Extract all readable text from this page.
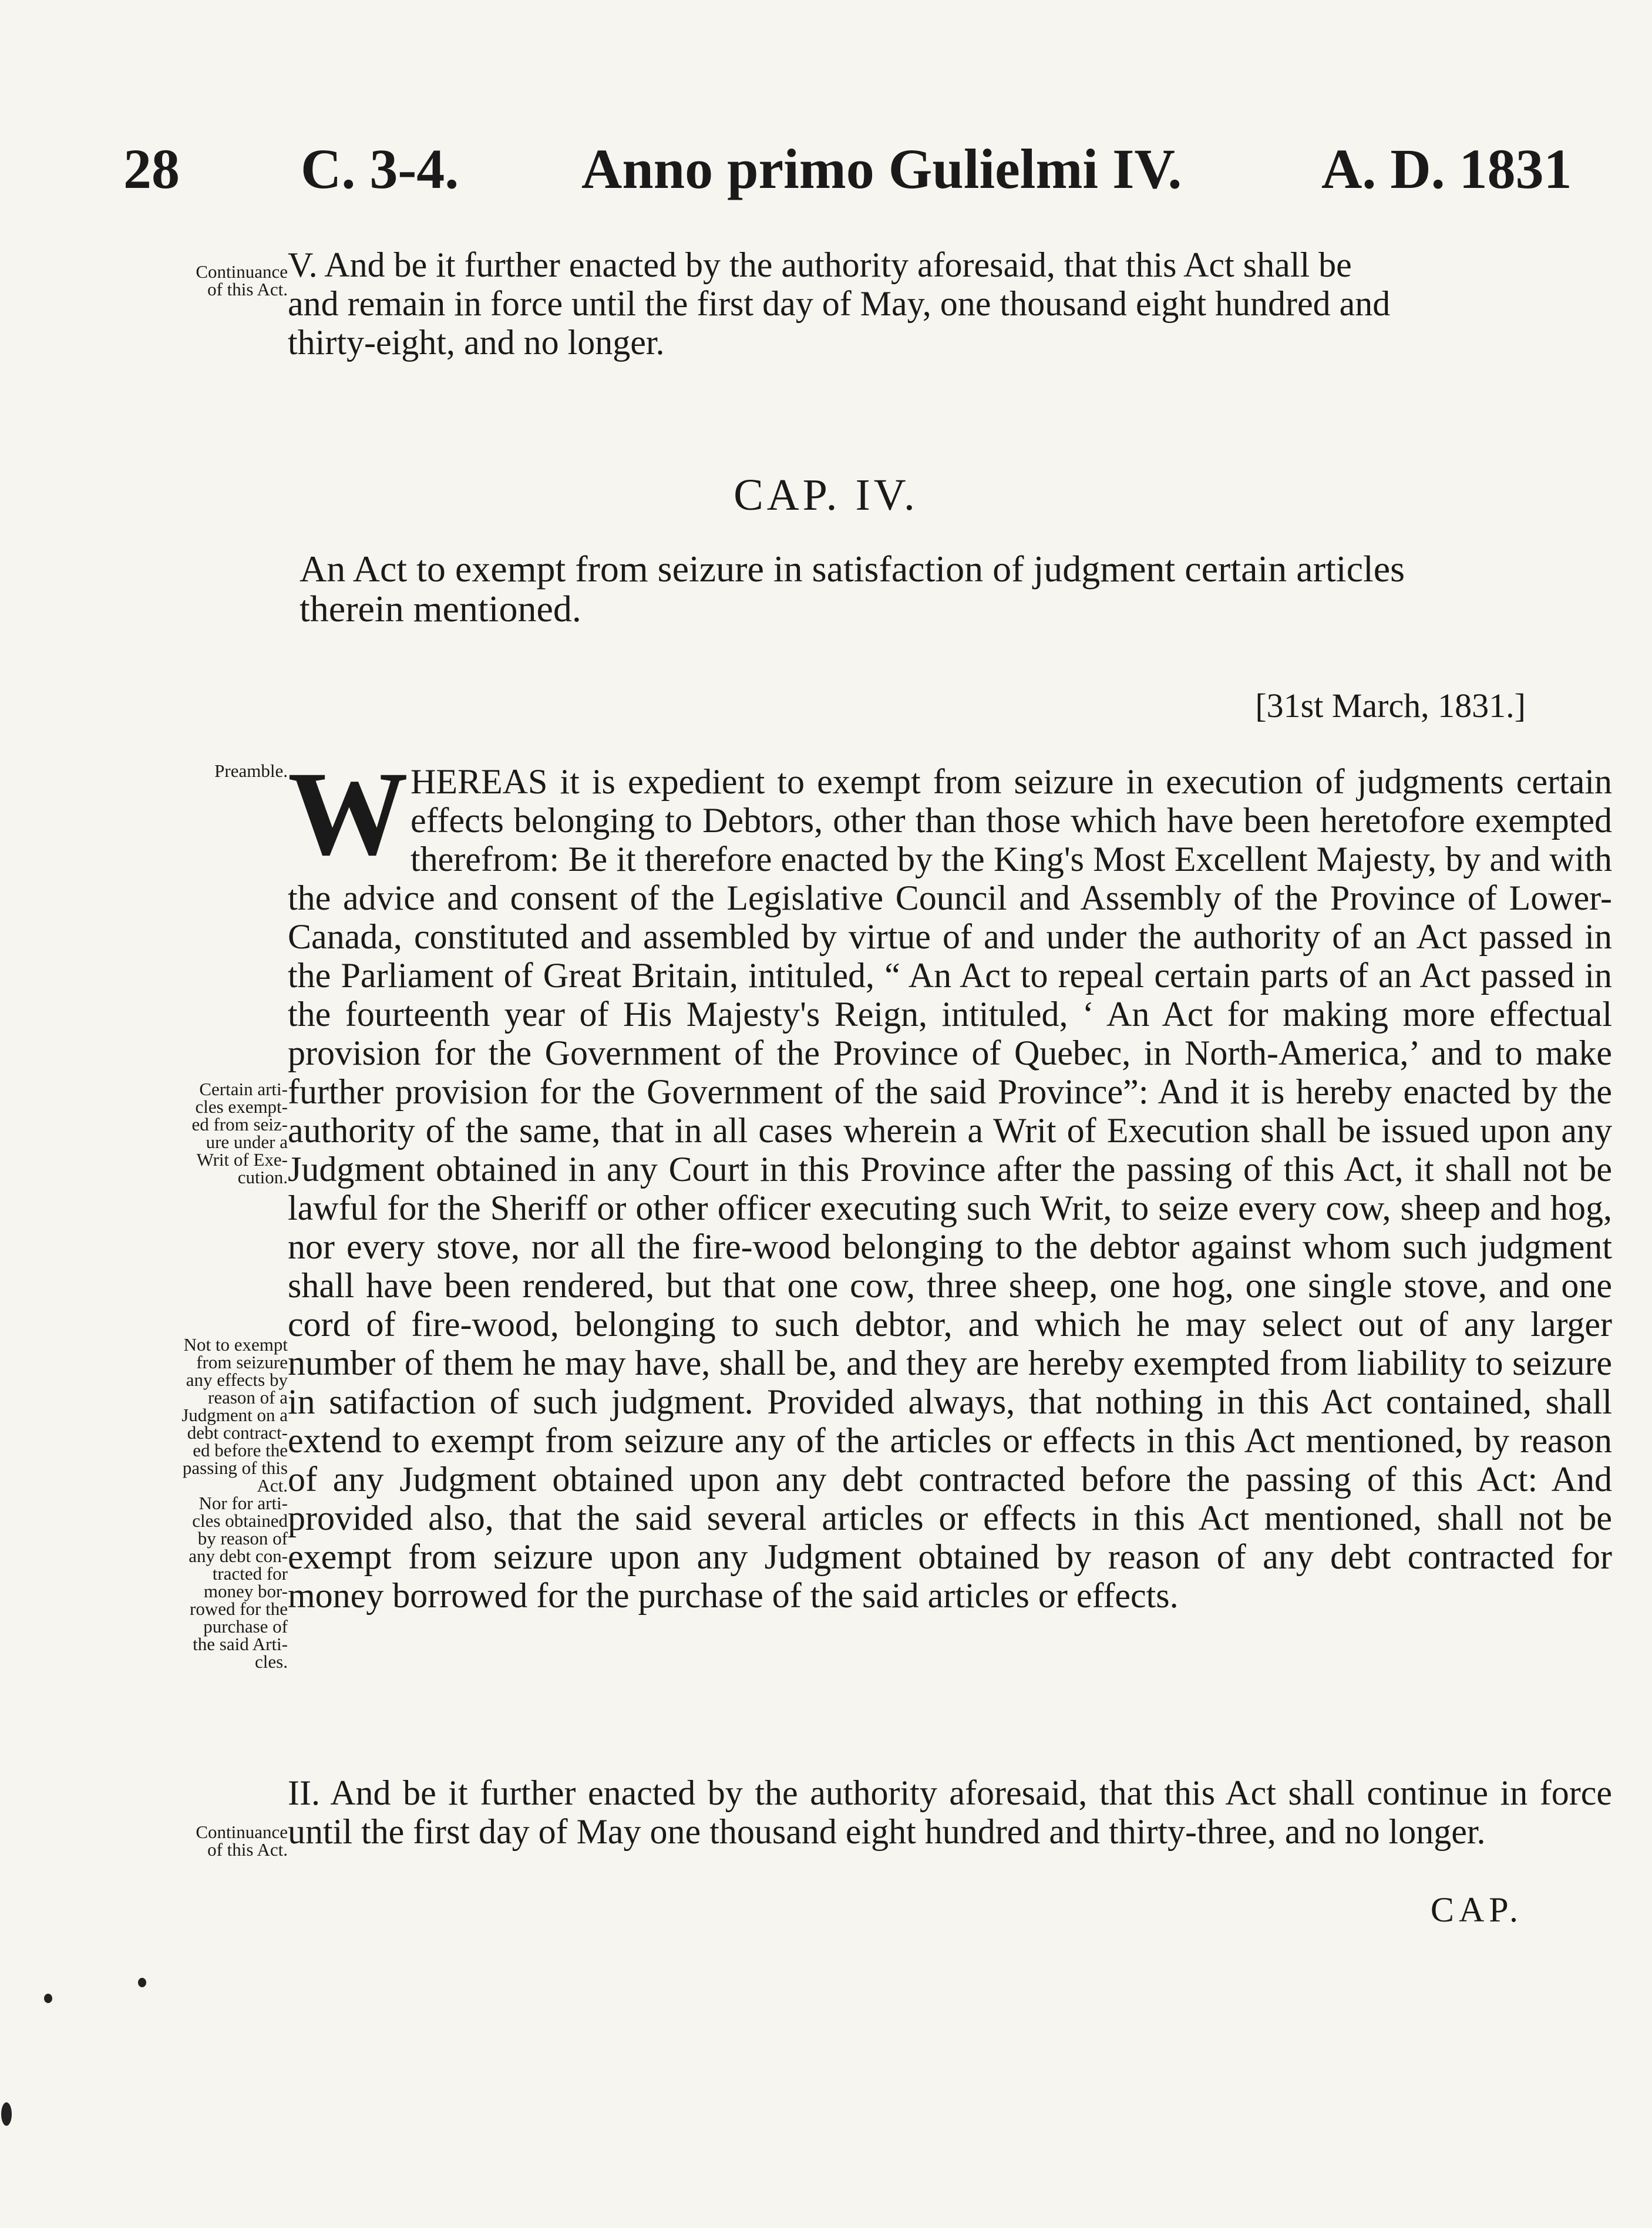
28 C. 3-4. Anno primo Gulielmi IV. A. D. 1831
Continuance
of this Act.
V. And be it further enacted by the authority aforesaid, that this Act shall be
and remain in force until the first day of May, one thousand eight hundred and
thirty-eight, and no longer.
CAP. IV.
An Act to exempt from seizure in satisfaction of judgment certain articles
therein mentioned.
[31st March, 1831.]
Preamble. WHEREAS it is expedient to exempt from seizure in execution of judgments certain effects belonging to Debtors, other than those which have been heretofore exempted therefrom: Be it therefore enacted by the King's Most Excellent Majesty, by and with the advice and consent of the Legislative Council and Assembly of the Province of Lower-Canada, constituted and assembled by virtue of and under the authority of an Act passed in the Parliament of Great Britain, intituled, “ An Act to repeal certain parts of an Act passed in the fourteenth year of His Majesty's Reign, intituled, ‘ An Act for making more effectual provision for the Government of the Province of Quebec, in North-America,’ and to make further provision for the Government of the said Province”: And it is hereby enacted by the authority of the same, that in all cases wherein a Writ of Execution shall be issued upon any Judgment obtained in any Court in this Province after the passing of this Act, it shall not be lawful for the Sheriff or other officer executing such Writ, to seize every cow, sheep and hog, nor every stove, nor all the fire-wood belonging to the debtor against whom such judgment shall have been rendered, but that one cow, three sheep, one hog, one single stove, and one cord of fire-wood, belonging to such debtor, and which he may select out of any larger number of them he may have, shall be, and they are hereby exempted from liability to seizure in satifaction of such judgment. Provided always, that nothing in this Act contained, shall extend to exempt from seizure any of the articles or effects in this Act mentioned, by reason of any Judgment obtained upon any debt contracted before the passing of this Act: And provided also, that the said several articles or effects in this Act mentioned, shall not be exempt from seizure upon any Judgment obtained by reason of any debt contracted for money borrowed for the purchase of the said articles or effects.
Certain arti-
cles exempt-
ed from seiz-
ure under a
Writ of Exe-
cution.
Not to exempt
from seizure
any effects by
reason of a
Judgment on a
debt contract-
ed before the
passing of this
Act.
Nor for arti-
cles obtained
by reason of
any debt con-
tracted for
money bor-
rowed for the
purchase of
the said Arti-
cles.
Continuance
of this Act.
II. And be it further enacted by the authority aforesaid, that this Act shall continue in force until the first day of May one thousand eight hundred and thirty-three, and no longer.
CAP.
